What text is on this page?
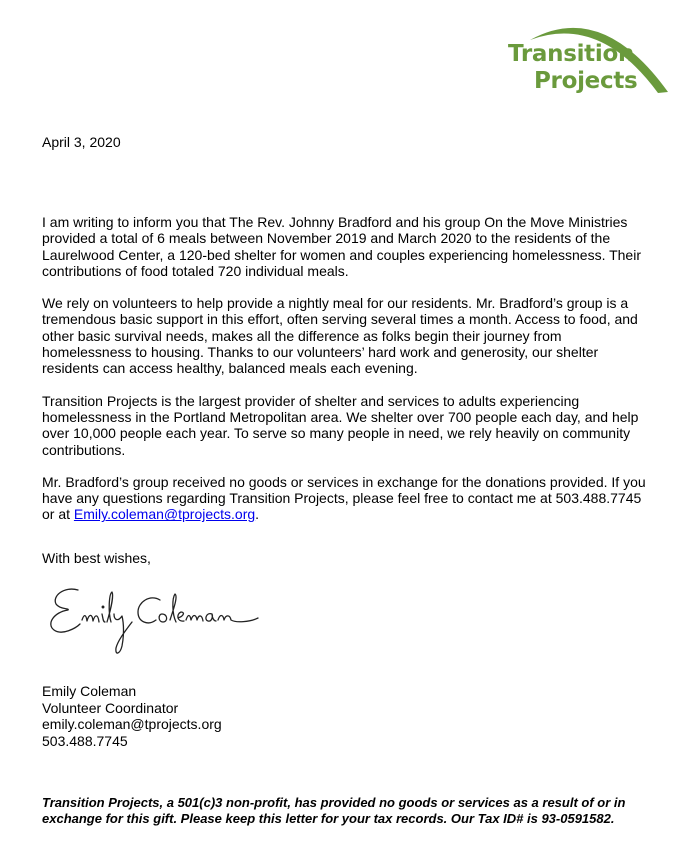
Transition
Projects
April 3, 2020

I am writing to inform you that The Rev. Johnny Bradford and his group On the Move Ministries provided a total of 6 meals between November 2019 and March 2020 to the residents of the Laurelwood Center, a 120-bed shelter for women and couples experiencing homelessness. Their contributions of food totaled 720 individual meals.

We rely on volunteers to help provide a nightly meal for our residents. Mr. Bradford’s group is a tremendous basic support in this effort, often serving several times a month. Access to food, and other basic survival needs, makes all the difference as folks begin their journey from homelessness to housing. Thanks to our volunteers’ hard work and generosity, our shelter residents can access healthy, balanced meals each evening.

Transition Projects is the largest provider of shelter and services to adults experiencing homelessness in the Portland Metropolitan area. We shelter over 700 people each day, and help over 10,000 people each year. To serve so many people in need, we rely heavily on community contributions.

Mr. Bradford’s group received no goods or services in exchange for the donations provided. If you have any questions regarding Transition Projects, please feel free to contact me at 503.488.7745 or at Emily.coleman@tprojects.org.

With best wishes,
Emily Coleman
Volunteer Coordinator
emily.coleman@tprojects.org
503.488.7745
Transition Projects, a 501(c)3 non-profit, has provided no goods or services as a result of or in exchange for this gift. Please keep this letter for your tax records. Our Tax ID# is 93-0591582.
